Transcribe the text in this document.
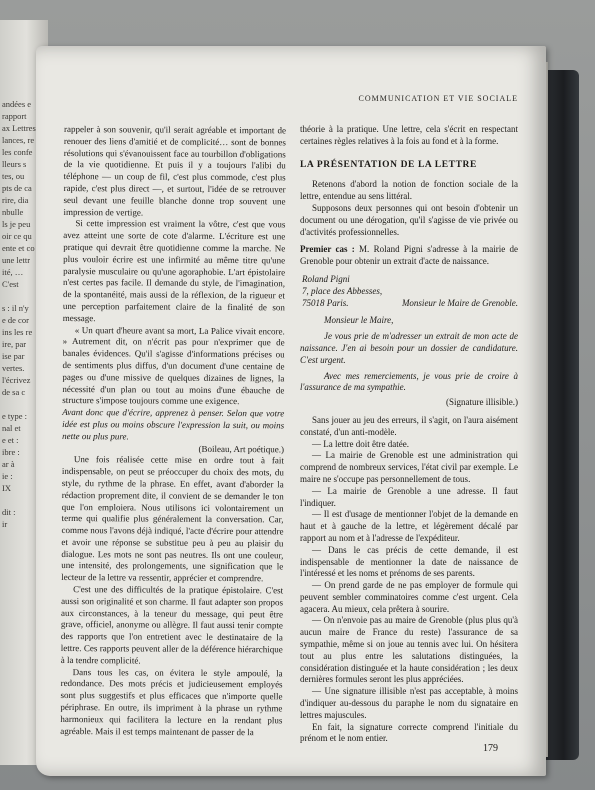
andées e
rapport
ax Lettres
lances, re
les confe
lleurs s
tes, ou
pts de ca
rire, dia
nbulle
ls je peu
oir ce qu
ente et co
une lettr
ité, …
C'est
s : il n'y
e de cor
ins les re
ire, par
ise par
vertes.
l'écrivez
de sa c
e type :
nal et
e et :
ibre :
ar à
ie :
IX
dit :
ir
COMMUNICATION ET VIE SOCIALE

rappeler à son souvenir, qu'il serait agréable et important de renouer des liens d'amitié et de complicité… sont de bonnes résolutions qui s'évanouissent face au tourbillon d'obligations de la vie quotidienne. Et puis il y a toujours l'alibi du téléphone — un coup de fil, c'est plus commode, c'est plus rapide, c'est plus direct —, et surtout, l'idée de se retrouver seul devant une feuille blanche donne trop souvent une impression de vertige.

Si cette impression est vraiment la vôtre, c'est que vous avez atteint une sorte de cote d'alarme. L'écriture est une pratique qui devrait être quotidienne comme la marche. Ne plus vouloir écrire est une infirmité au même titre qu'une paralysie musculaire ou qu'une agoraphobie. L'art épistolaire n'est certes pas facile. Il demande du style, de l'imagination, de la spontanéité, mais aussi de la réflexion, de la rigueur et une perception parfaitement claire de la finalité de son message.

« Un quart d'heure avant sa mort, La Palice vivait encore. » Autrement dit, on n'écrit pas pour n'exprimer que de banales évidences. Qu'il s'agisse d'informations précises ou de sentiments plus diffus, d'un document d'une centaine de pages ou d'une missive de quelques dizaines de lignes, la nécessité d'un plan ou tout au moins d'une ébauche de structure s'impose toujours comme une exigence.

Avant donc que d'écrire, apprenez à penser. Selon que votre idée est plus ou moins obscure l'expression la suit, ou moins nette ou plus pure.

(Boileau, Art poétique.)

Une fois réalisée cette mise en ordre tout à fait indispensable, on peut se préoccuper du choix des mots, du style, du rythme de la phrase. En effet, avant d'aborder la rédaction proprement dite, il convient de se demander le ton que l'on emploiera. Nous utilisons ici volontairement un terme qui qualifie plus généralement la conversation. Car, comme nous l'avons déjà indiqué, l'acte d'écrire pour attendre et avoir une réponse se substitue peu à peu au plaisir du dialogue. Les mots ne sont pas neutres. Ils ont une couleur, une intensité, des prolongements, une signification que le lecteur de la lettre va ressentir, apprécier et comprendre.

C'est une des difficultés de la pratique épistolaire. C'est aussi son originalité et son charme. Il faut adapter son propos aux circonstances, à la teneur du message, qui peut être grave, officiel, anonyme ou allègre. Il faut aussi tenir compte des rapports que l'on entretient avec le destinataire de la lettre. Ces rapports peuvent aller de la déférence hiérarchique à la tendre complicité.

Dans tous les cas, on évitera le style ampoulé, la redondance. Des mots précis et judicieusement employés sont plus suggestifs et plus efficaces que n'importe quelle périphrase. En outre, ils impriment à la phrase un rythme harmonieux qui facilitera la lecture en la rendant plus agréable. Mais il est temps maintenant de passer de la

théorie à la pratique. Une lettre, cela s'écrit en respectant certaines règles relatives à la fois au fond et à la forme.

LA PRÉSENTATION DE LA LETTRE

Retenons d'abord la notion de fonction sociale de la lettre, entendue au sens littéral.

Supposons deux personnes qui ont besoin d'obtenir un document ou une dérogation, qu'il s'agisse de vie privée ou d'activités professionnelles.

Premier cas : M. Roland Pigni s'adresse à la mairie de Grenoble pour obtenir un extrait d'acte de naissance.

Roland Pigni
7, place des Abbesses,
75018 Paris.	Monsieur le Maire de Grenoble.
Monsieur le Maire,
Je vous prie de m'adresser un extrait de mon acte de naissance. J'en ai besoin pour un dossier de candidature. C'est urgent.
Avec mes remerciements, je vous prie de croire à l'assurance de ma sympathie.
(Signature illisible.)

Sans jouer au jeu des erreurs, il s'agit, on l'aura aisément constaté, d'un anti-modèle.

— La lettre doit être datée.

— La mairie de Grenoble est une administration qui comprend de nombreux services, l'état civil par exemple. Le maire ne s'occupe pas personnellement de tous.

— La mairie de Grenoble a une adresse. Il faut l'indiquer.

— Il est d'usage de mentionner l'objet de la demande en haut et à gauche de la lettre, et légèrement décalé par rapport au nom et à l'adresse de l'expéditeur.

— Dans le cas précis de cette demande, il est indispensable de mentionner la date de naissance de l'intéressé et les noms et prénoms de ses parents.

— On prend garde de ne pas employer de formule qui peuvent sembler comminatoires comme c'est urgent. Cela agacera. Au mieux, cela prêtera à sourire.

— On n'envoie pas au maire de Grenoble (plus plus qu'à aucun maire de France du reste) l'assurance de sa sympathie, même si on joue au tennis avec lui. On hésitera tout au plus entre les salutations distinguées, la considération distinguée et la haute considération ; les deux dernières formules seront les plus appréciées.

— Une signature illisible n'est pas acceptable, à moins d'indiquer au-dessous du paraphe le nom du signataire en lettres majuscules.

En fait, la signature correcte comprend l'initiale du prénom et le nom entier.

179
